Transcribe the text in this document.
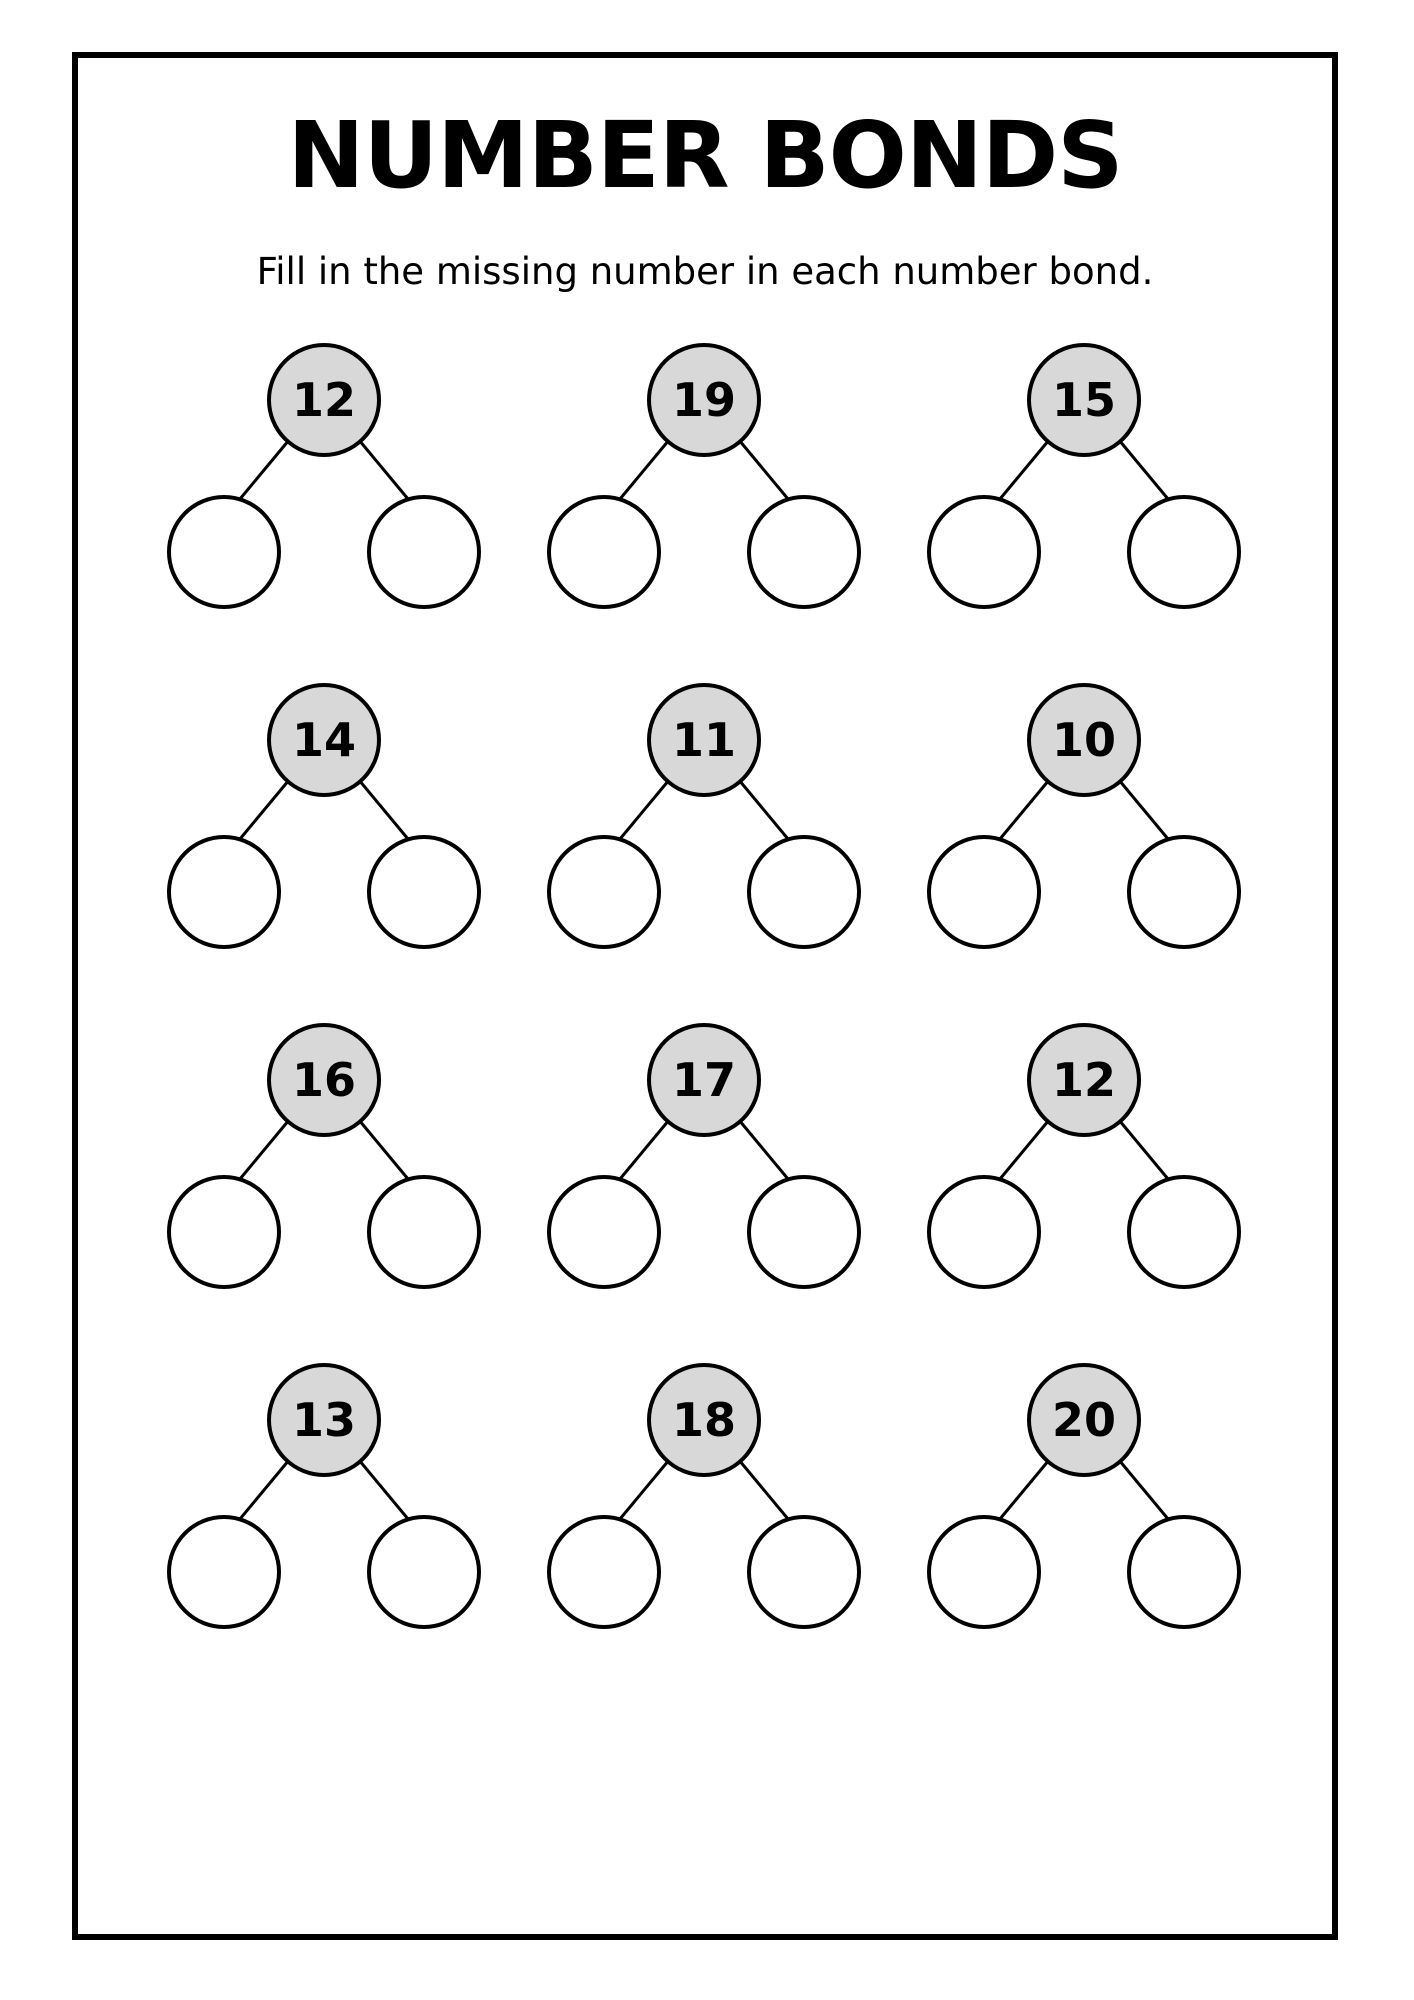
NUMBER BONDS

Fill in the missing number in each number bond.

12	19	15
14	11	10
16	17	12
13	18	20
